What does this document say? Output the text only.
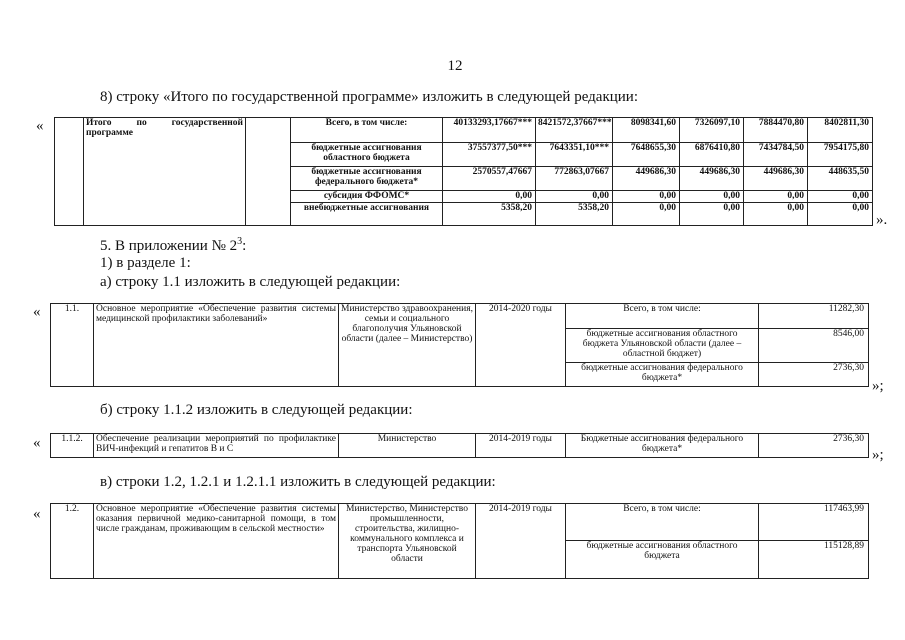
12
8) строку «Итого по государственной программе» изложить в следующей редакции:
«
		Итого по государственной программе		Всего, в том числе:	40133293,17667***	8421572,37667***	8098341,60	7326097,10	7884470,80	8402811,30
			бюджетные ассигнования областного бюджета	37557377,50***	7643351,10***	7648655,30	6876410,80	7434784,50	7954175,80
			бюджетные ассигнования федерального бюджета*	2570557,47667	772863,07667	449686,30	449686,30	449686,30	448635,50
			субсидия ФФОМС*	0,00	0,00	0,00	0,00	0,00	0,00
			внебюджетные ассигнования	5358,20	5358,20	0,00	0,00	0,00	0,00
».
5. В приложении № $2^3$:
1) в разделе 1:
а) строку 1.1 изложить в следующей редакции:
«	1.1.	Основное мероприятие «Обеспечение развития системы медицинской профилактики заболеваний»	Министерство здравоохранения, семьи и социального благополучия Ульяновской области (далее – Министерство)	2014-2020 годы	Всего, в том числе:	11282,30
				бюджетные ассигнования областного бюджета Ульяновской области (далее – областной бюджет)	8546,00
				бюджетные ассигнования федерального бюджета*	2736,30
»;
б) строку 1.1.2 изложить в следующей редакции:
« 1.1.2.	Обеспечение реализации мероприятий по профилактике ВИЧ-инфекций и гепатитов В и С	Министерство	2014-2019 годы	Бюджетные ассигнования федерального бюджета*	2736,30
»;
в) строки 1.2, 1.2.1 и 1.2.1.1 изложить в следующей редакции:
«	1.2.	Основное мероприятие «Обеспечение развития системы оказания первичной медико-санитарной помощи, в том числе гражданам, проживающим в сельской местности»	Министерство, Министерство промышленности, строительства, жилищно-коммунального комплекса и транспорта Ульяновской области	2014-2019 годы	Всего, в том числе:	117463,99
				бюджетные ассигнования областного бюджета	115128,89
